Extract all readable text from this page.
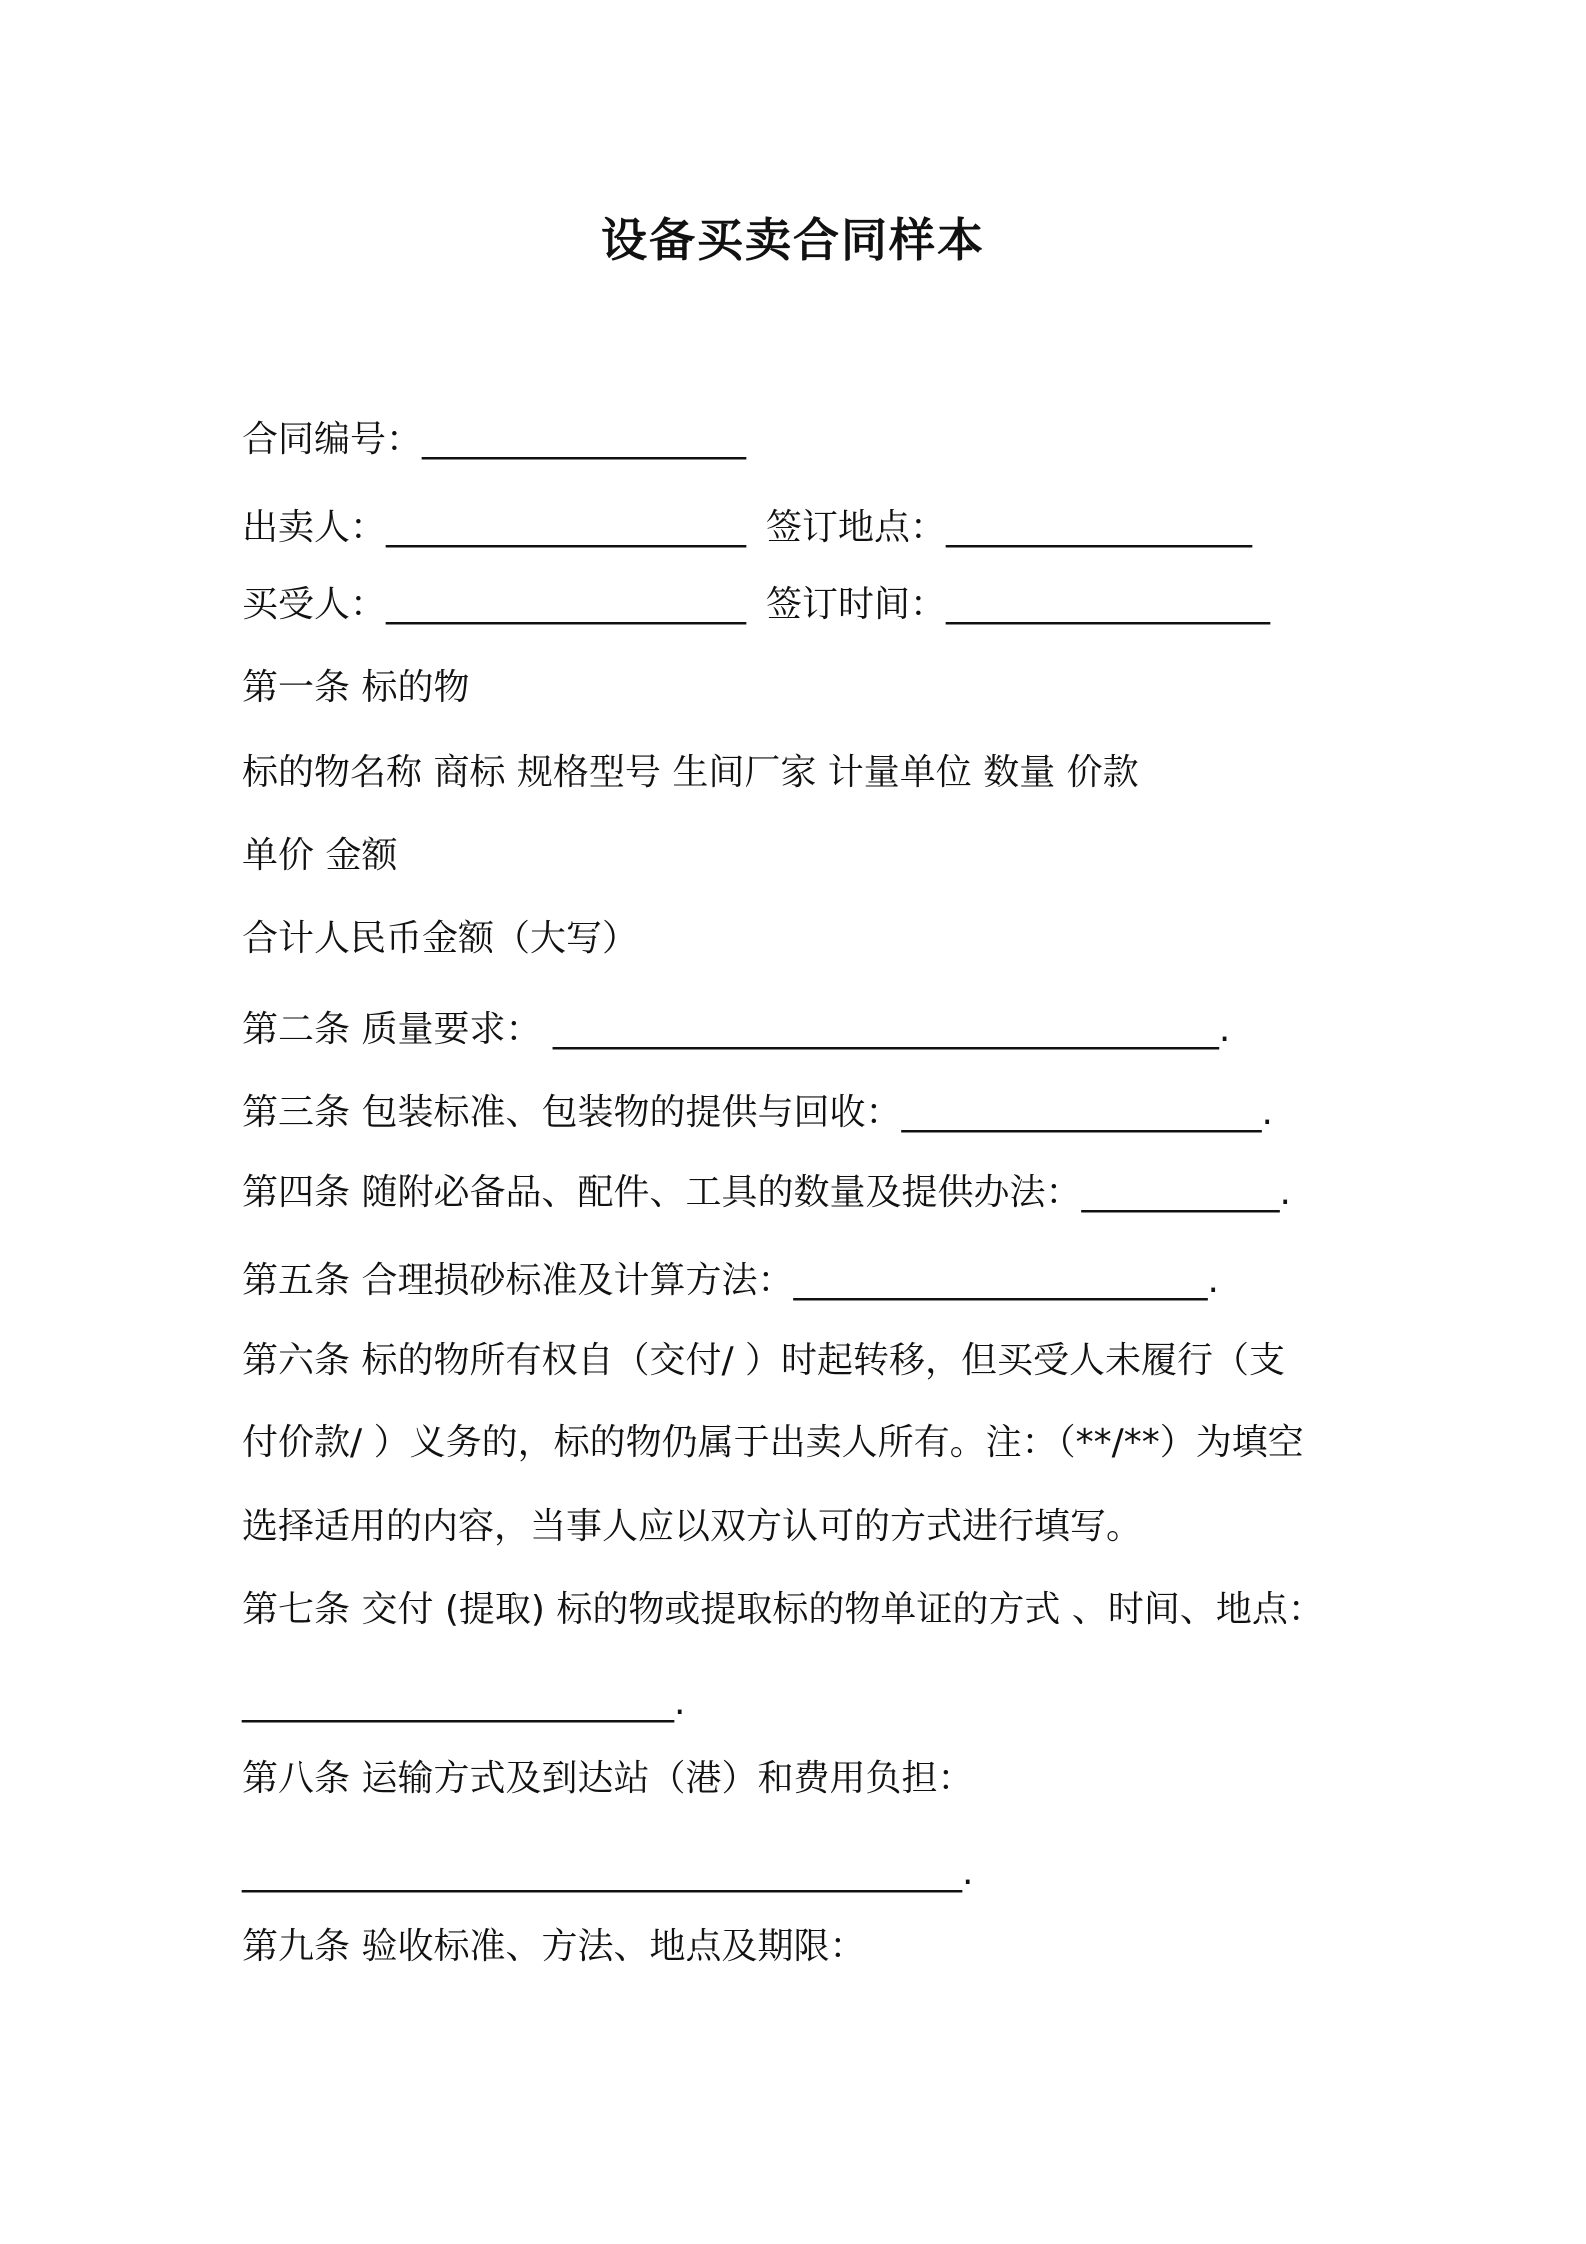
设备买卖合同样本
合同编号：__________________
出卖人：____________________ 签订地点：_________________
买受人：____________________ 签订时间：__________________
第一条 标的物
标的物名称 商标 规格型号 生间厂家 计量单位 数量 价款
单价 金额
合计人民币金额（大写）
第二条 质量要求： _____________________________________.
第三条 包装标准、包装物的提供与回收：____________________.
第四条 随附必备品、配件、工具的数量及提供办法：___________.
第五条 合理损砂标准及计算方法：_______________________.
第六条 标的物所有权自（交付/ ）时起转移，但买受人未履行（支
付价款/ ）义务的，标的物仍属于出卖人所有。注：（**/**）为填空
选择适用的内容，当事人应以双方认可的方式进行填写。
第七条 交付 (提取) 标的物或提取标的物单证的方式 、时间、地点：
________________________.
第八条 运输方式及到达站（港）和费用负担：
________________________________________.
第九条 验收标准、方法、地点及期限：
